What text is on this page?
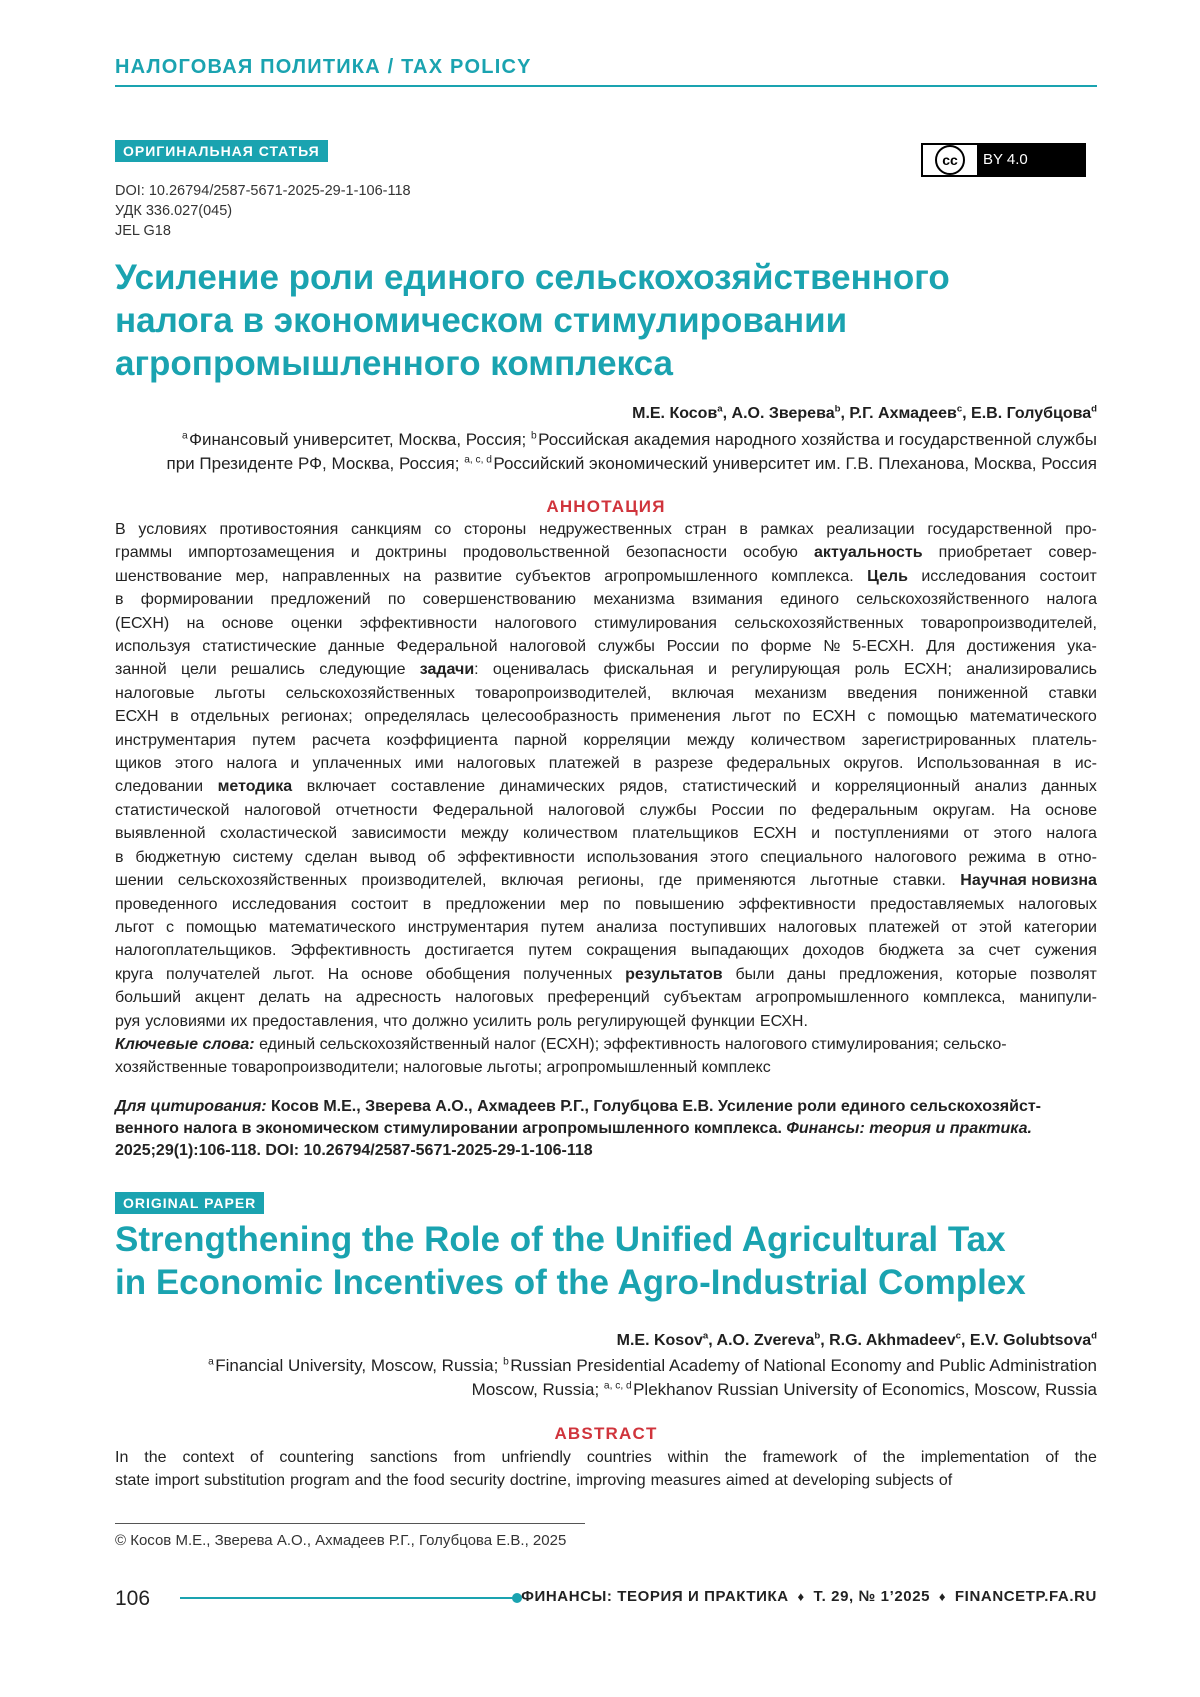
НАЛОГОВАЯ ПОЛИТИКА / TAX POLICY
ОРИГИНАЛЬНАЯ СТАТЬЯ
cc	BY 4.0
DOI: 10.26794/2587-5671-2025-29-1-106-118
УДК 336.027(045)
JEL G18
Усиление роли единого сельскохозяйственного
налога в экономическом стимулировании
агропромышленного комплекса
М.Е. Косовa, А.О. Звереваb, Р.Г. Ахмадеевc, Е.В. Голубцоваd
a Финансовый университет, Москва, Россия; b Российская академия народного хозяйства и государственной службы
при Президенте РФ, Москва, Россия; a, c, d Российский экономический университет им. Г.В. Плеханова, Москва, Россия
АННОТАЦИЯ
В условиях противостояния санкциям со стороны недружественных стран в рамках реализации государственной про-
граммы импортозамещения и доктрины продовольственной безопасности особую актуальность приобретает совер-
шенствование мер, направленных на развитие субъектов агропромышленного комплекса. Цель исследования состоит
в формировании предложений по совершенствованию механизма взимания единого сельскохозяйственного налога
(ЕСХН) на основе оценки эффективности налогового стимулирования сельскохозяйственных товаропроизводителей,
используя статистические данные Федеральной налоговой службы России по форме № 5-ЕСХН. Для достижения ука-
занной цели решались следующие задачи: оценивалась фискальная и регулирующая роль ЕСХН; анализировались
налоговые льготы сельскохозяйственных товаропроизводителей, включая механизм введения пониженной ставки
ЕСХН в отдельных регионах; определялась целесообразность применения льгот по ЕСХН с помощью математического
инструментария путем расчета коэффициента парной корреляции между количеством зарегистрированных платель-
щиков этого налога и уплаченных ими налоговых платежей в разрезе федеральных округов. Использованная в ис-
следовании методика включает составление динамических рядов, статистический и корреляционный анализ данных
статистической налоговой отчетности Федеральной налоговой службы России по федеральным округам. На основе
выявленной схоластической зависимости между количеством плательщиков ЕСХН и поступлениями от этого налога
в бюджетную систему сделан вывод об эффективности использования этого специального налогового режима в отно-
шении сельскохозяйственных производителей, включая регионы, где применяются льготные ставки. Научная новизна
проведенного исследования состоит в предложении мер по повышению эффективности предоставляемых налоговых
льгот с помощью математического инструментария путем анализа поступивших налоговых платежей от этой категории
налогоплательщиков. Эффективность достигается путем сокращения выпадающих доходов бюджета за счет сужения
круга получателей льгот. На основе обобщения полученных результатов были даны предложения, которые позволят
больший акцент делать на адресность налоговых преференций субъектам агропромышленного комплекса, манипули-
руя условиями их предоставления, что должно усилить роль регулирующей функции ЕСХН.
Ключевые слова: единый сельскохозяйственный налог (ЕСХН); эффективность налогового стимулирования; сельско-
хозяйственные товаропроизводители; налоговые льготы; агропромышленный комплекс
Для цитирования: Косов М.Е., Зверева А.О., Ахмадеев Р.Г., Голубцова Е.В. Усиление роли единого сельскохозяйст-
венного налога в экономическом стимулировании агропромышленного комплекса. Финансы: теория и практика.
2025;29(1):106-118. DOI: 10.26794/2587-5671-2025-29-1-106-118
ORIGINAL PAPER
Strengthening the Role of the Unified Agricultural Tax
in Economic Incentives of the Agro-Industrial Complex
M.E. Kosova, A.O. Zverevab, R.G. Akhmadeevc, E.V. Golubtsovad
a Financial University, Moscow, Russia; b Russian Presidential Academy of National Economy and Public Administration
Moscow, Russia; a, c, d Plekhanov Russian University of Economics, Moscow, Russia
ABSTRACT
In the context of countering sanctions from unfriendly countries within the framework of the implementation of the
state import substitution program and the food security doctrine, improving measures aimed at developing subjects of
© Косов М.Е., Зверева А.О., Ахмадеев Р.Г., Голубцова Е.В., 2025
106	ФИНАНСЫ: ТЕОРИЯ И ПРАКТИКА ♦ Т. 29, № 1’2025 ♦ FINANCETP.FA.RU
